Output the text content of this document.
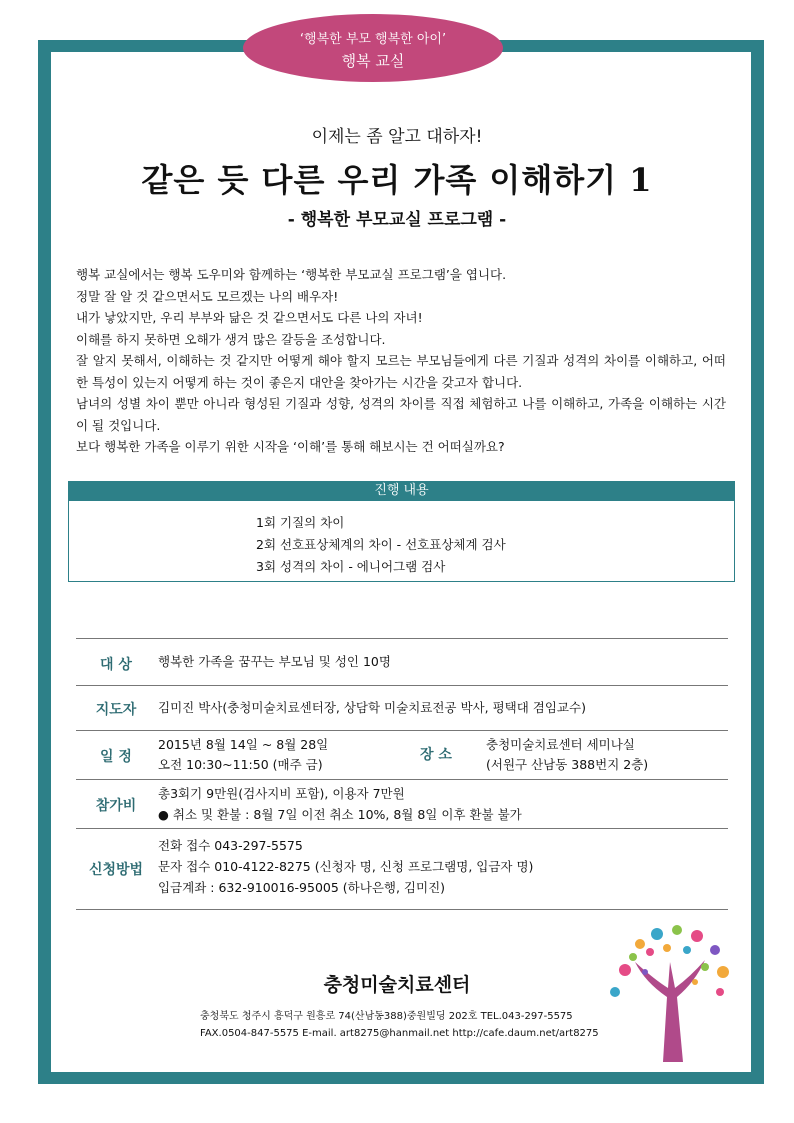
‘행복한 부모 행복한 아이’
행복 교실
이제는 좀 알고 대하자!
같은 듯 다른 우리 가족 이해하기 1
- 행복한 부모교실 프로그램 -

행복 교실에서는 행복 도우미와 함께하는 ‘행복한 부모교실 프로그램’을 엽니다.

정말 잘 알 것 같으면서도 모르겠는 나의 배우자!

내가 낳았지만, 우리 부부와 닮은 것 같으면서도 다른 나의 자녀!

이해를 하지 못하면 오해가 생겨 많은 갈등을 조성합니다.

잘 알지 못해서, 이해하는 것 같지만 어떻게 해야 할지 모르는 부모님들에게 다른 기질과 성격의 차이를 이해하고, 어떠한 특성이 있는지 어떻게 하는 것이 좋은지 대안을 찾아가는 시간을 갖고자 합니다.

남녀의 성별 차이 뿐만 아니라 형성된 기질과 성향, 성격의 차이를 직접 체험하고 나를 이해하고, 가족을 이해하는 시간이 될 것입니다.

보다 행복한 가족을 이루기 위한 시작을 ‘이해’를 통해 해보시는 건 어떠실까요?

진행 내용
1회 기질의 차이
2회 선호표상체계의 차이 - 선호표상체계 검사
3회 성격의 차이 - 에니어그램 검사
대 상	행복한 가족을 꿈꾸는 부모님 및 성인 10명
지도자	김미진 박사(충청미술치료센터장, 상담학 미술치료전공 박사, 평택대 겸임교수)
일 정
2015년 8월 14일 ~ 8월 28일
오전 10:30~11:50 (매주 금)
장 소
충청미술치료센터 세미나실
(서원구 산남동 388번지 2층)
참가비
총3회기 9만원(검사지비 포함), 이용자 7만원
● 취소 및 환불 : 8월 7일 이전 취소 10%, 8월 8일 이후 환불 불가
신청방법
전화 접수 043-297-5575
문자 접수 010-4122-8275 (신청자 명, 신청 프로그램명, 입금자 명)
입금계좌 : 632-910016-95005 (하나은행, 김미진)
충청미술치료센터
충청북도 청주시 흥덕구 원흥로 74(산남동388)중원빌딩 202호 TEL.043-297-5575
FAX.0504-847-5575 E-mail. art8275@hanmail.net http://cafe.daum.net/art8275
